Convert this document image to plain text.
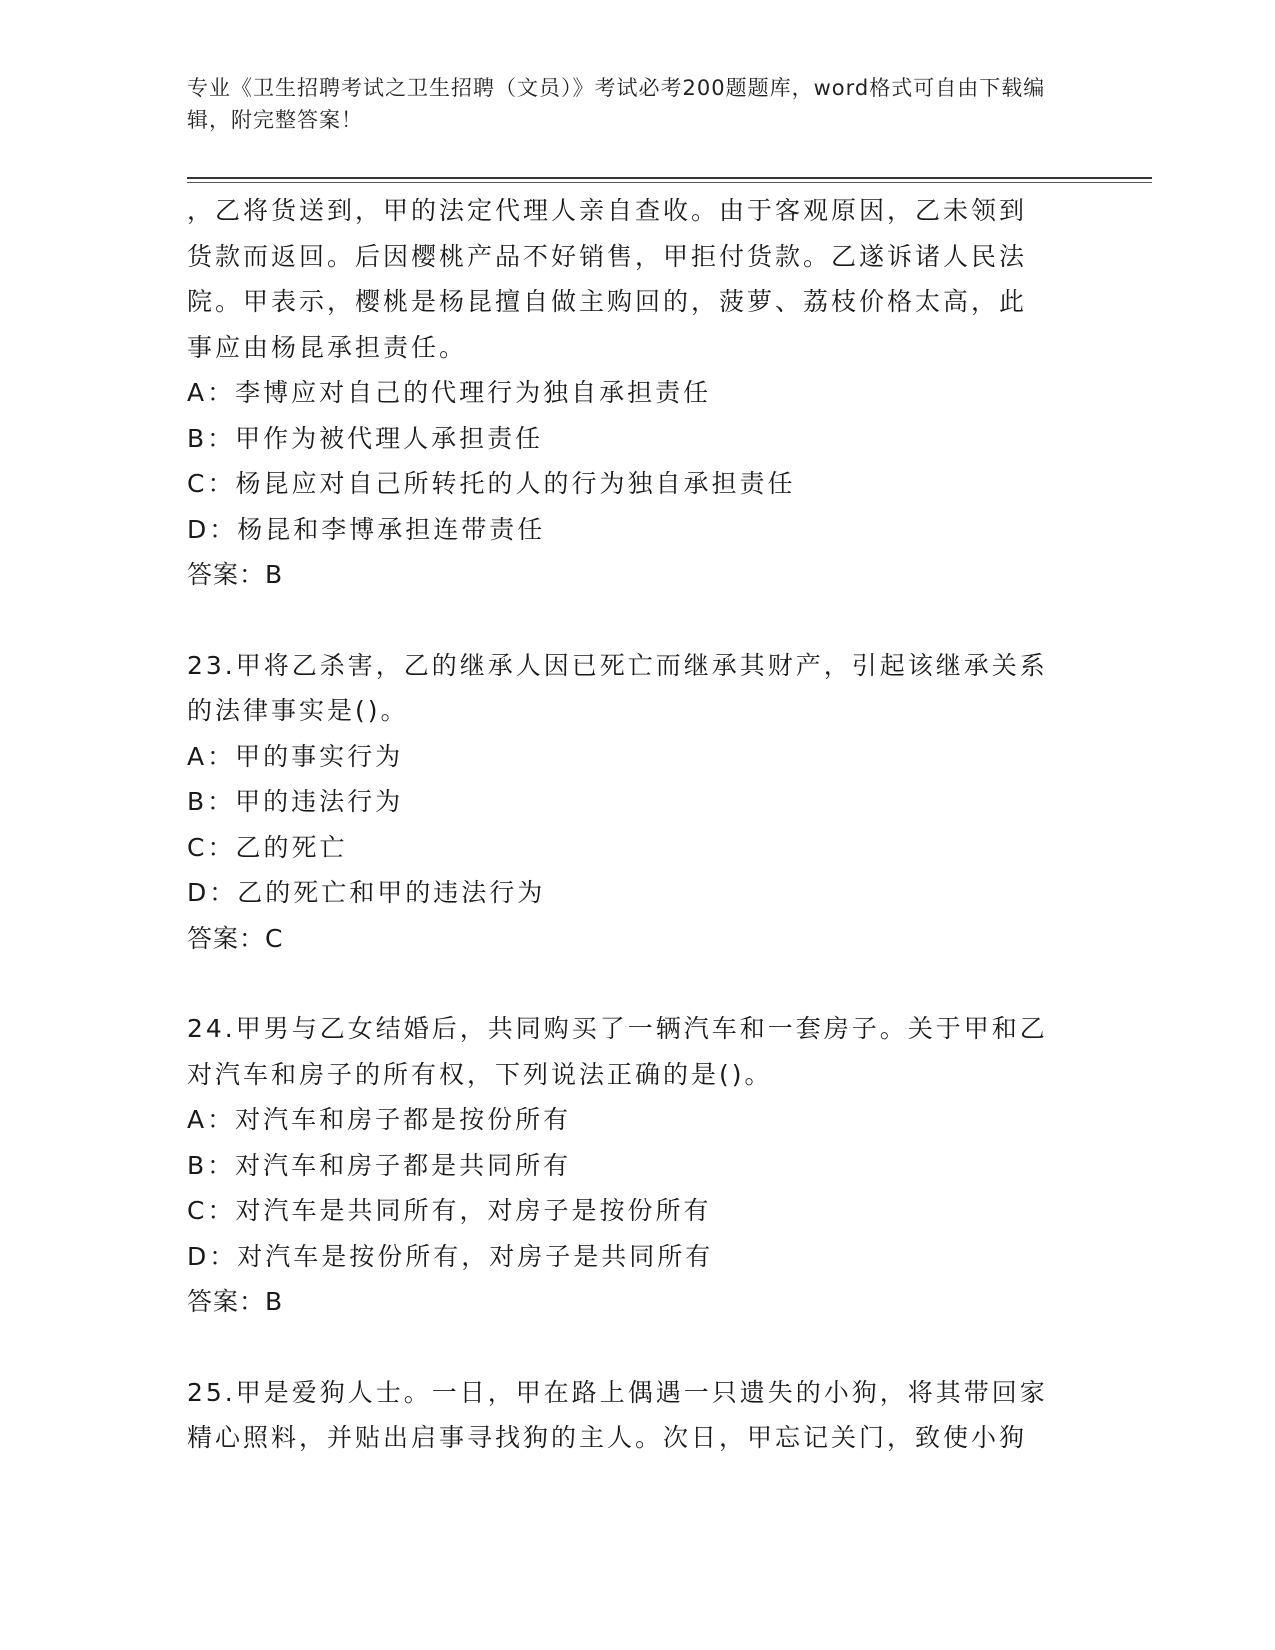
专业《卫生招聘考试之卫生招聘（文员）》考试必考200题题库，word格式可自由下载编辑，附完整答案！
，乙将货送到，甲的法定代理人亲自查收。由于客观原因，乙未领到
货款而返回。后因樱桃产品不好销售，甲拒付货款。乙遂诉诸人民法
院。甲表示，樱桃是杨昆擅自做主购回的，菠萝、荔枝价格太高，此
事应由杨昆承担责任。
A：李博应对自己的代理行为独自承担责任
B：甲作为被代理人承担责任
C：杨昆应对自己所转托的人的行为独自承担责任
D：杨昆和李博承担连带责任
答案：B
23.甲将乙杀害，乙的继承人因已死亡而继承其财产，引起该继承关系
的法律事实是()。
A：甲的事实行为
B：甲的违法行为
C：乙的死亡
D：乙的死亡和甲的违法行为
答案：C
24.甲男与乙女结婚后，共同购买了一辆汽车和一套房子。关于甲和乙
对汽车和房子的所有权，下列说法正确的是()。
A：对汽车和房子都是按份所有
B：对汽车和房子都是共同所有
C：对汽车是共同所有，对房子是按份所有
D：对汽车是按份所有，对房子是共同所有
答案：B
25.甲是爱狗人士。一日，甲在路上偶遇一只遗失的小狗，将其带回家
精心照料，并贴出启事寻找狗的主人。次日，甲忘记关门，致使小狗
